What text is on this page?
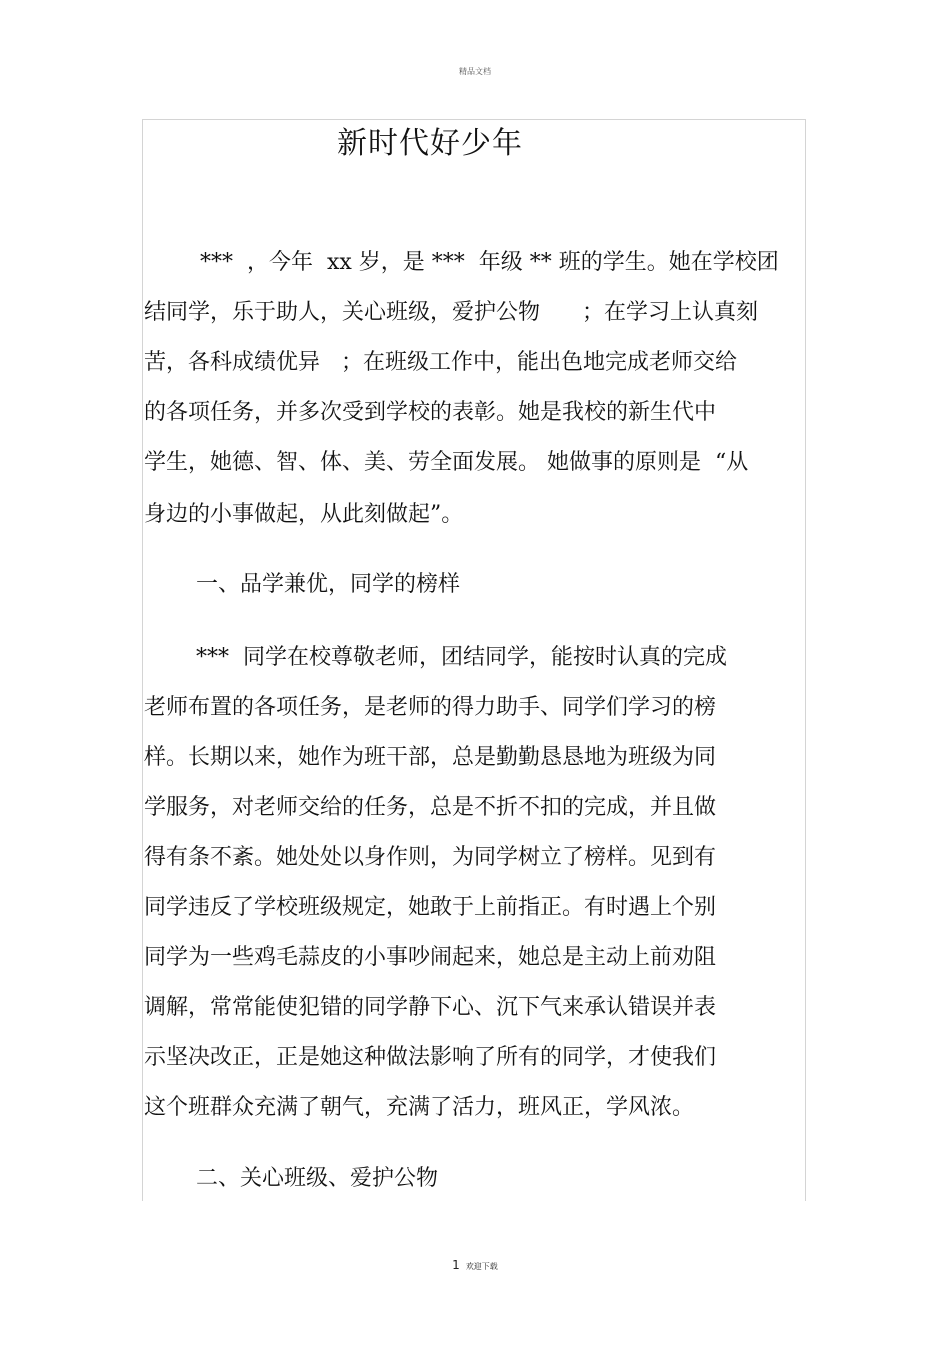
精品文档
新时代好少年
***  ，今年  xx 岁，是 ***  年级 ** 班的学生。她在学校团
结同学，乐于助人，关心班级，爱护公物      ；在学习上认真刻
苦，各科成绩优异   ；在班级工作中，能出色地完成老师交给
的各项任务，并多次受到学校的表彰。她是我校的新生代中
学生，她德、智、体、美、劳全面发展。 她做事的原则是  “从
身边的小事做起，从此刻做起”。
一、品学兼优，同学的榜样
***  同学在校尊敬老师，团结同学，能按时认真的完成
老师布置的各项任务，是老师的得力助手、同学们学习的榜
样。长期以来，她作为班干部，总是勤勤恳恳地为班级为同
学服务，对老师交给的任务，总是不折不扣的完成，并且做
得有条不紊。她处处以身作则，为同学树立了榜样。见到有
同学违反了学校班级规定，她敢于上前指正。有时遇上个别
同学为一些鸡毛蒜皮的小事吵闹起来，她总是主动上前劝阻
调解，常常能使犯错的同学静下心、沉下气来承认错误并表
示坚决改正，正是她这种做法影响了所有的同学，才使我们
这个班群众充满了朝气，充满了活力，班风正，学风浓。
二、关心班级、爱护公物
1 欢迎下载
